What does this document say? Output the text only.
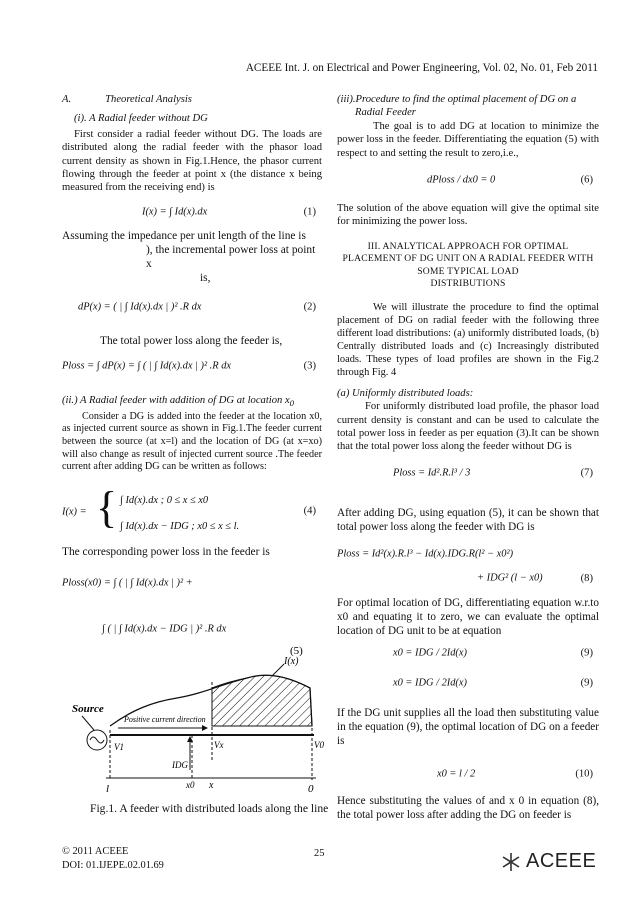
ACEEE Int. J. on Electrical and Power Engineering, Vol. 02, No. 01, Feb 2011
A.	Theoretical Analysis
(i). A Radial feeder without DG

First consider a radial feeder without DG. The loads are distributed along the radial feeder with the phasor load current density as shown in Fig.1.Hence, the phasor current flowing through the feeder at point x (the distance x being measured from the receiving end) is

I(x) = ∫ Id(x).dx	(1)
Assuming the impedance per unit length of the line is
), the incremental power loss at point x
is,
dP(x) = ( | ∫ Id(x).dx | )² .R dx	(2)
The total power loss along the feeder is,
Ploss = ∫ dP(x) = ∫ ( | ∫ Id(x).dx | )² .R dx	(3)
(ii.) A Radial feeder with addition of DG at location $x_0$

Consider a DG is added into the feeder at the location x0, as injected current source as shown in Fig.1.The feeder current between the source (at x=l) and the location of DG (at x=xo) will also change as result of injected current source .The feeder current after adding DG can be written as follows:

I(x) = { ∫ Id(x).dx ; 0 ≤ x ≤ x0
∫ Id(x).dx − IDG ; x0 ≤ x ≤ l.
(4)
The corresponding power loss in the feeder is
Ploss(x0) = ∫ ( | ∫ Id(x).dx | )² +
∫ ( | ∫ Id(x).dx − IDG | )² .R dx
(5)
I(x)
Source
Positive current direction
V1	Vx	V0
IDG
l	x0 x	0
Fig.1. A feeder with distributed loads along the line
(iii).Procedure to find the optimal placement of DG on a
Radial Feeder

The goal is to add DG at location to minimize the power loss in the feeder. Differentiating the equation (5) with respect to and setting the result to zero,i.e.,

dPloss / dx0 = 0	(6)

The solution of the above equation will give the optimal site for minimizing the power loss.

III. ANALYTICAL APPROACH FOR OPTIMAL PLACEMENT OF DG UNIT ON A RADIAL FEEDER WITH SOME TYPICAL LOAD
DISTRIBUTIONS

We will illustrate the procedure to find the optimal placement of DG on radial feeder with the following three different load distributions: (a) uniformly distributed loads, (b) Centrally distributed loads and (c) Increasingly distributed loads. These types of load profiles are shown in the Fig.2 through Fig. 4

(a) Uniformly distributed loads:

For uniformly distributed load profile, the phasor load current density is constant and can be used to calculate the total power loss in feeder as per equation (3).It can be shown that the total power loss along the feeder without DG is

Ploss = Id².R.l³ / 3	(7)

After adding DG, using equation (5), it can be shown that total power loss along the feeder with DG is

Ploss = Id²(x).R.l³ − Id(x).IDG.R(l² − x0²)
+ IDG² (l − x0)	(8)

For optimal location of DG, differentiating equation w.r.to x0 and equating it to zero, we can evaluate the optimal location of DG unit to be at equation

x0 = IDG / 2Id(x)	(9)
x0 = IDG / 2Id(x)	(9)

If the DG unit supplies all the load then substituting value in the equation (9), the optimal location of DG on a feeder is

x0 = l / 2	(10)

Hence substituting the values of and x 0 in equation (8), the total power loss after adding the DG on feeder is

© 2011 ACEEE
DOI: 01.IJEPE.02.01.69
25	ACEEE
